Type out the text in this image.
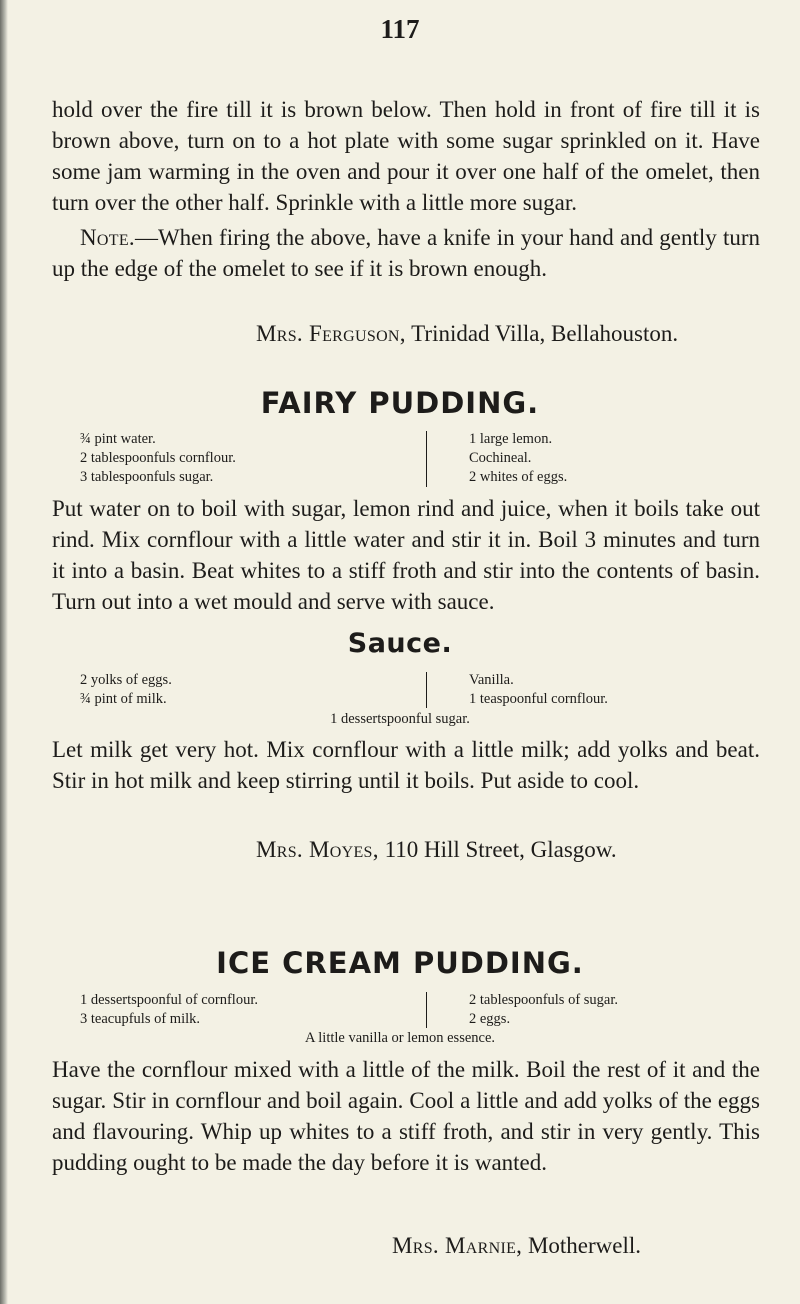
117

hold over the fire till it is brown below. Then hold in front of fire till it is brown above, turn on to a hot plate with some sugar sprinkled on it. Have some jam warming in the oven and pour it over one half of the omelet, then turn over the other half. Sprinkle with a little more sugar.

Note.—When firing the above, have a knife in your hand and gently turn up the edge of the omelet to see if it is brown enough.

Mrs. Ferguson, Trinidad Villa, Bellahouston.
FAIRY PUDDING.
¾ pint water.
2 tablespoonfuls cornflour.
3 tablespoonfuls sugar.
1 large lemon.
Cochineal.
2 whites of eggs.

Put water on to boil with sugar, lemon rind and juice, when it boils take out rind. Mix cornflour with a little water and stir it in. Boil 3 minutes and turn it into a basin. Beat whites to a stiff froth and stir into the contents of basin. Turn out into a wet mould and serve with sauce.

Sauce.
2 yolks of eggs.
¾ pint of milk.
Vanilla.
1 teaspoonful cornflour.
1 dessertspoonful sugar.

Let milk get very hot. Mix cornflour with a little milk; add yolks and beat. Stir in hot milk and keep stirring until it boils. Put aside to cool.

Mrs. Moyes, 110 Hill Street, Glasgow.
ICE CREAM PUDDING.
1 dessertspoonful of cornflour.
3 teacupfuls of milk.
2 tablespoonfuls of sugar.
2 eggs.
A little vanilla or lemon essence.

Have the cornflour mixed with a little of the milk. Boil the rest of it and the sugar. Stir in cornflour and boil again. Cool a little and add yolks of the eggs and flavouring. Whip up whites to a stiff froth, and stir in very gently. This pudding ought to be made the day before it is wanted.

Mrs. Marnie, Motherwell.
